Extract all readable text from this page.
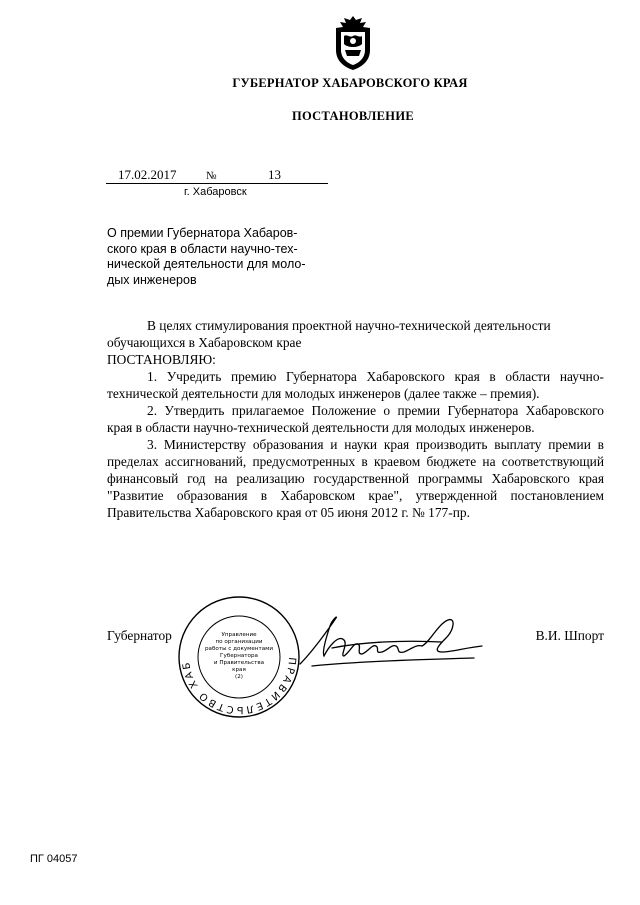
ГУБЕРНАТОР ХАБАРОВСКОГО КРАЯ
ПОСТАНОВЛЕНИЕ
17.02.2017	№	13
г. Хабаровск
О премии Губернатора Хабаров-
ского края в области научно-тех-
нической деятельности для моло-
дых инженеров

В целях стимулирования проектной научно-технической деятельности

обучающихся в Хабаровском крае

ПОСТАНОВЛЯЮ:

1. Учредить премию Губернатора Хабаровского края в области научно-технической деятельности для молодых инженеров (далее также – премия).

2. Утвердить прилагаемое Положение о премии Губернатора Хабаровского края в области научно-технической деятельности для молодых инженеров.

3. Министерству образования и науки края производить выплату премии в пределах ассигнований, предусмотренных в краевом бюджете на соответствующий финансовый год на реализацию государственной программы Хабаровского края "Развитие образования в Хабаровском крае", утвержденной постановлением Правительства Хабаровского края от 05 июня 2012 г. № 177-пр.

ПРАВИТЕЛЬСТВО ХАБ
Управление
по организации
работы с документами
Губернатора
и Правительства
края
(2)
Губернатор	В.И. Шпорт
ПГ 04057
